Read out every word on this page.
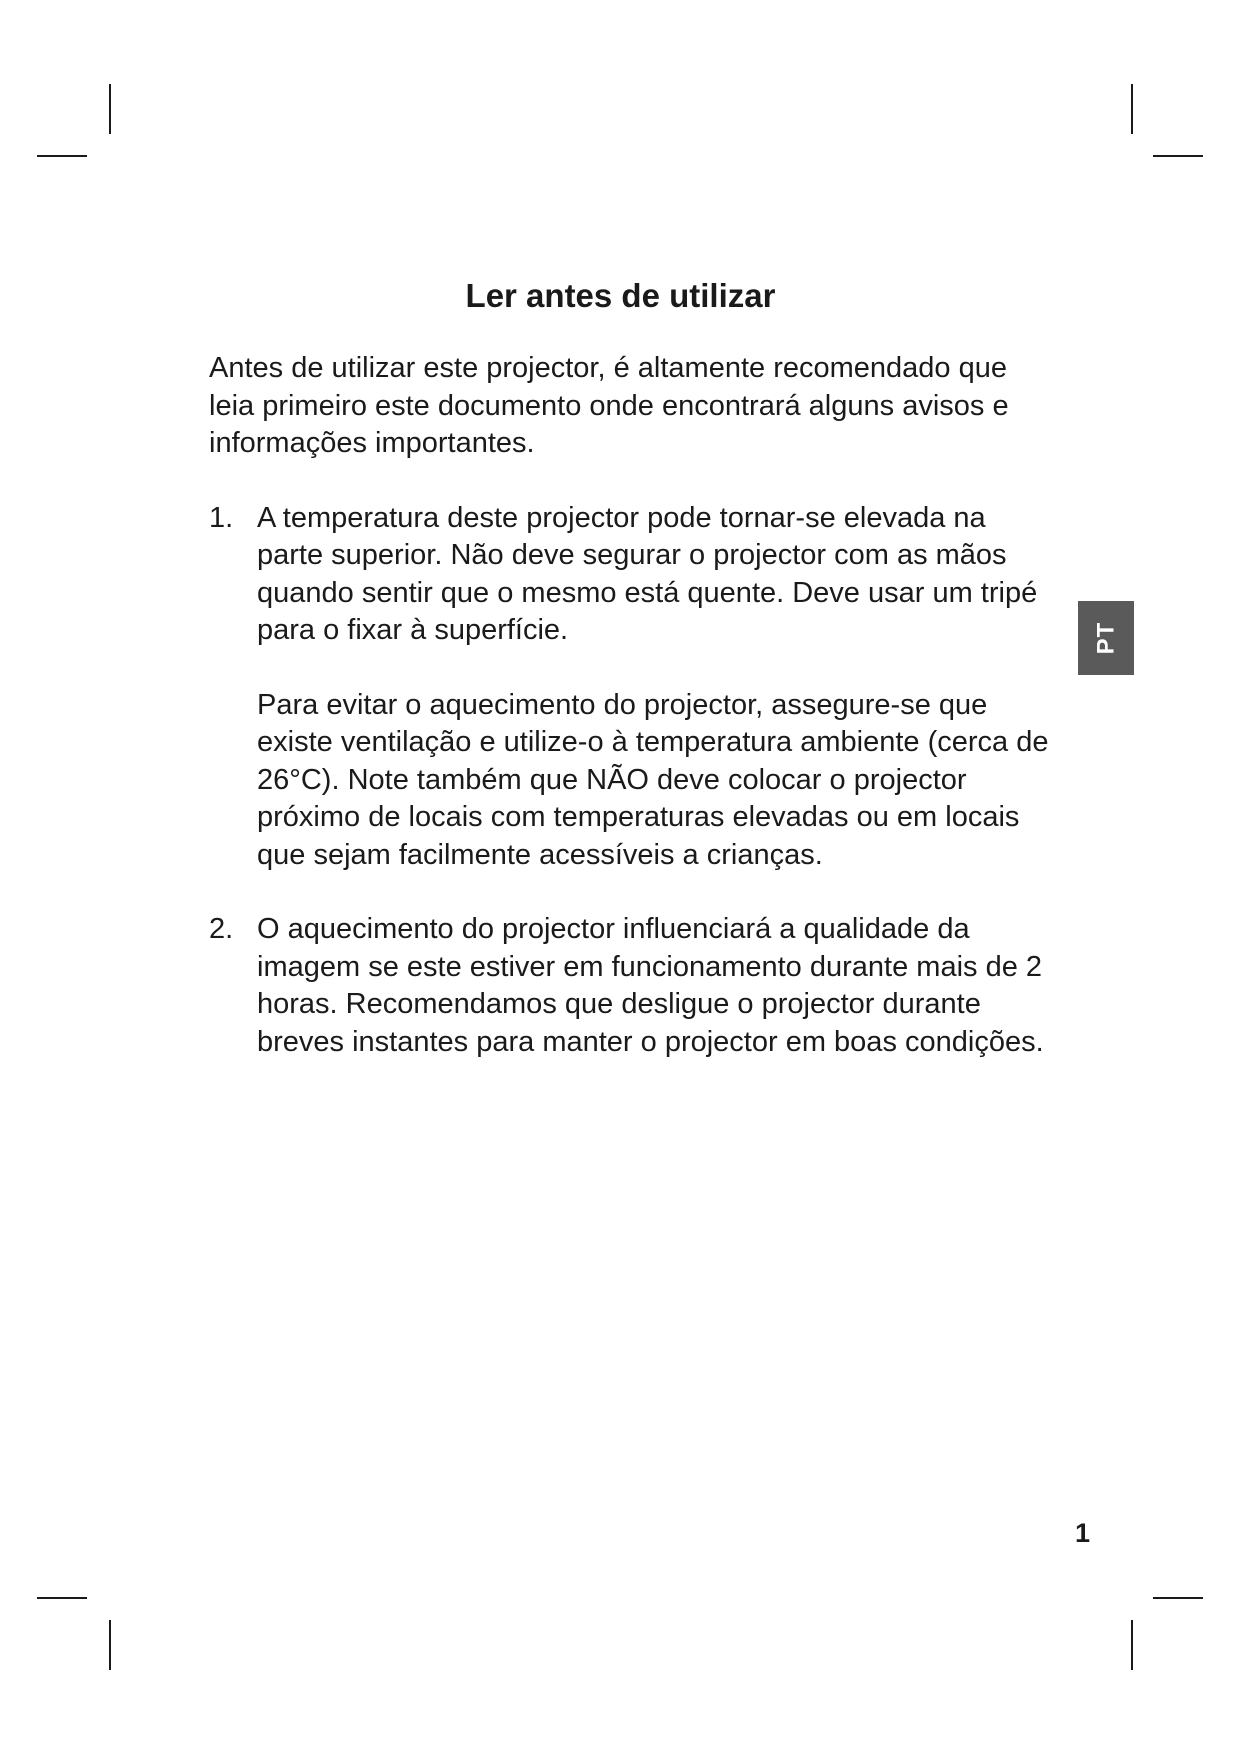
Ler antes de utilizar

Antes de utilizar este projector, é altamente recomendado que leia primeiro este documento onde encontrará alguns avisos e informações importantes.

1. A temperatura deste projector pode tornar-se elevada na parte superior. Não deve segurar o projector com as mãos quando sentir que o mesmo está quente. Deve usar um tripé para o fixar à superfície.

Para evitar o aquecimento do projector, assegure-se que existe ventilação e utilize-o à temperatura ambiente (cerca de 26°C). Note também que NÃO deve colocar o projector próximo de locais com temperaturas elevadas ou em locais que sejam facilmente acessíveis a crianças.

2. O aquecimento do projector influenciará a qualidade da imagem se este estiver em funcionamento durante mais de 2 horas. Recomendamos que desligue o projector durante breves instantes para manter o projector em boas condições.

PT
1
